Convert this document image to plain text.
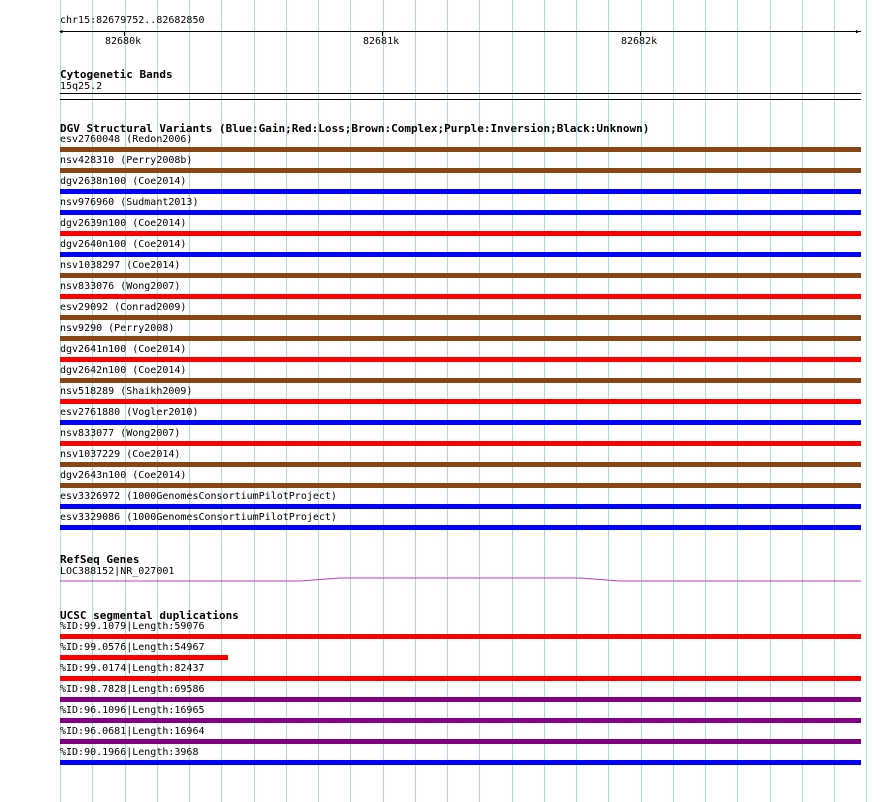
chr15:82679752..82682850
◂	▸
82680k	82681k	82682k
Cytogenetic Bands
15q25.2
DGV Structural Variants (Blue:Gain;Red:Loss;Brown:Complex;Purple:Inversion;Black:Unknown)
esv2760048 (Redon2006)
nsv428310 (Perry2008b)
dgv2638n100 (Coe2014)
nsv976960 (Sudmant2013)
dgv2639n100 (Coe2014)
dgv2640n100 (Coe2014)
nsv1038297 (Coe2014)
nsv833076 (Wong2007)
esv29092 (Conrad2009)
nsv9290 (Perry2008)
dgv2641n100 (Coe2014)
dgv2642n100 (Coe2014)
nsv518289 (Shaikh2009)
esv2761880 (Vogler2010)
nsv833077 (Wong2007)
nsv1037229 (Coe2014)
dgv2643n100 (Coe2014)
esv3326972 (1000GenomesConsortiumPilotProject)
esv3329086 (1000GenomesConsortiumPilotProject)
RefSeq Genes
LOC388152|NR_027001
UCSC segmental duplications
%ID:99.1079|Length:59076
%ID:99.0576|Length:54967
%ID:99.0174|Length:82437
%ID:98.7828|Length:69586
%ID:96.1096|Length:16965
%ID:96.0681|Length:16964
%ID:90.1966|Length:3968
